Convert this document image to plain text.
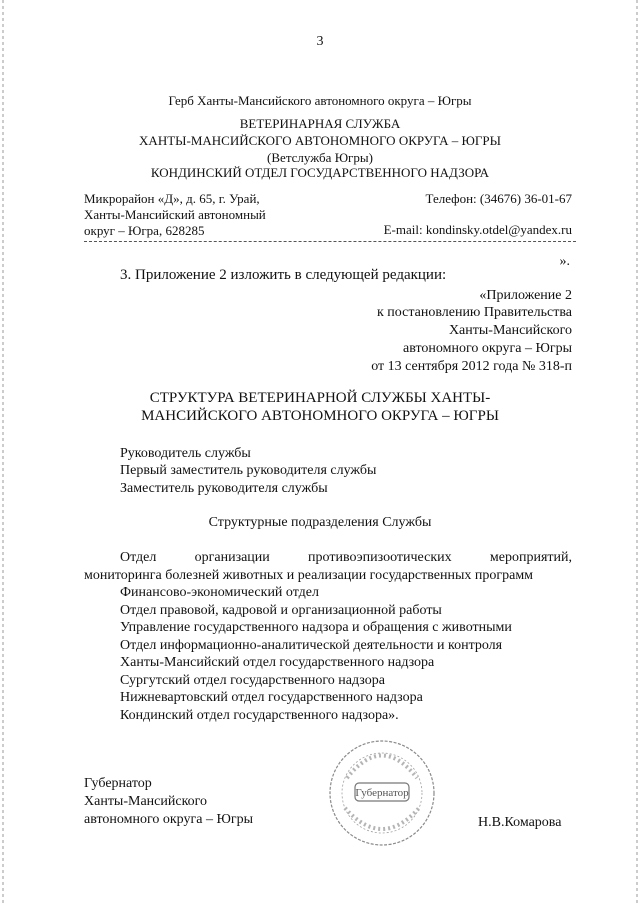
3
Герб Ханты-Мансийского автономного округа – Югры
ВЕТЕРИНАРНАЯ СЛУЖБА
ХАНТЫ-МАНСИЙСКОГО АВТОНОМНОГО ОКРУГА – ЮГРЫ
(Ветслужба Югры)
КОНДИНСКИЙ ОТДЕЛ ГОСУДАРСТВЕННОГО НАДЗОРА
Микрорайон «Д», д. 65, г. Урай,
Ханты-Мансийский автономный
округ – Югра, 628285
Телефон: (34676) 36-01-67
E-mail: kondinsky.otdel@yandex.ru
».
3. Приложение 2 изложить в следующей редакции:
«Приложение 2
к постановлению Правительства
Ханты-Мансийского
автономного округа – Югры
от 13 сентября 2012 года № 318-п
СТРУКТУРА ВЕТЕРИНАРНОЙ СЛУЖБЫ ХАНТЫ-
МАНСИЙСКОГО АВТОНОМНОГО ОКРУГА – ЮГРЫ
Руководитель службы
Первый заместитель руководителя службы
Заместитель руководителя службы
Структурные подразделения Службы
Отдел	организации	противоэпизоотических	мероприятий,
мониторинга болезней животных и реализации государственных программ
Финансово-экономический отдел
Отдел правовой, кадровой и организационной работы
Управление государственного надзора и обращения с животными
Отдел информационно-аналитической деятельности и контроля
Ханты-Мансийский отдел государственного надзора
Сургутский отдел государственного надзора
Нижневартовский отдел государственного надзора
Кондинский отдел государственного надзора».
Губернатор
Ханты-Мансийского
автономного округа – Югры
Губернатор
Н.В.Комарова
